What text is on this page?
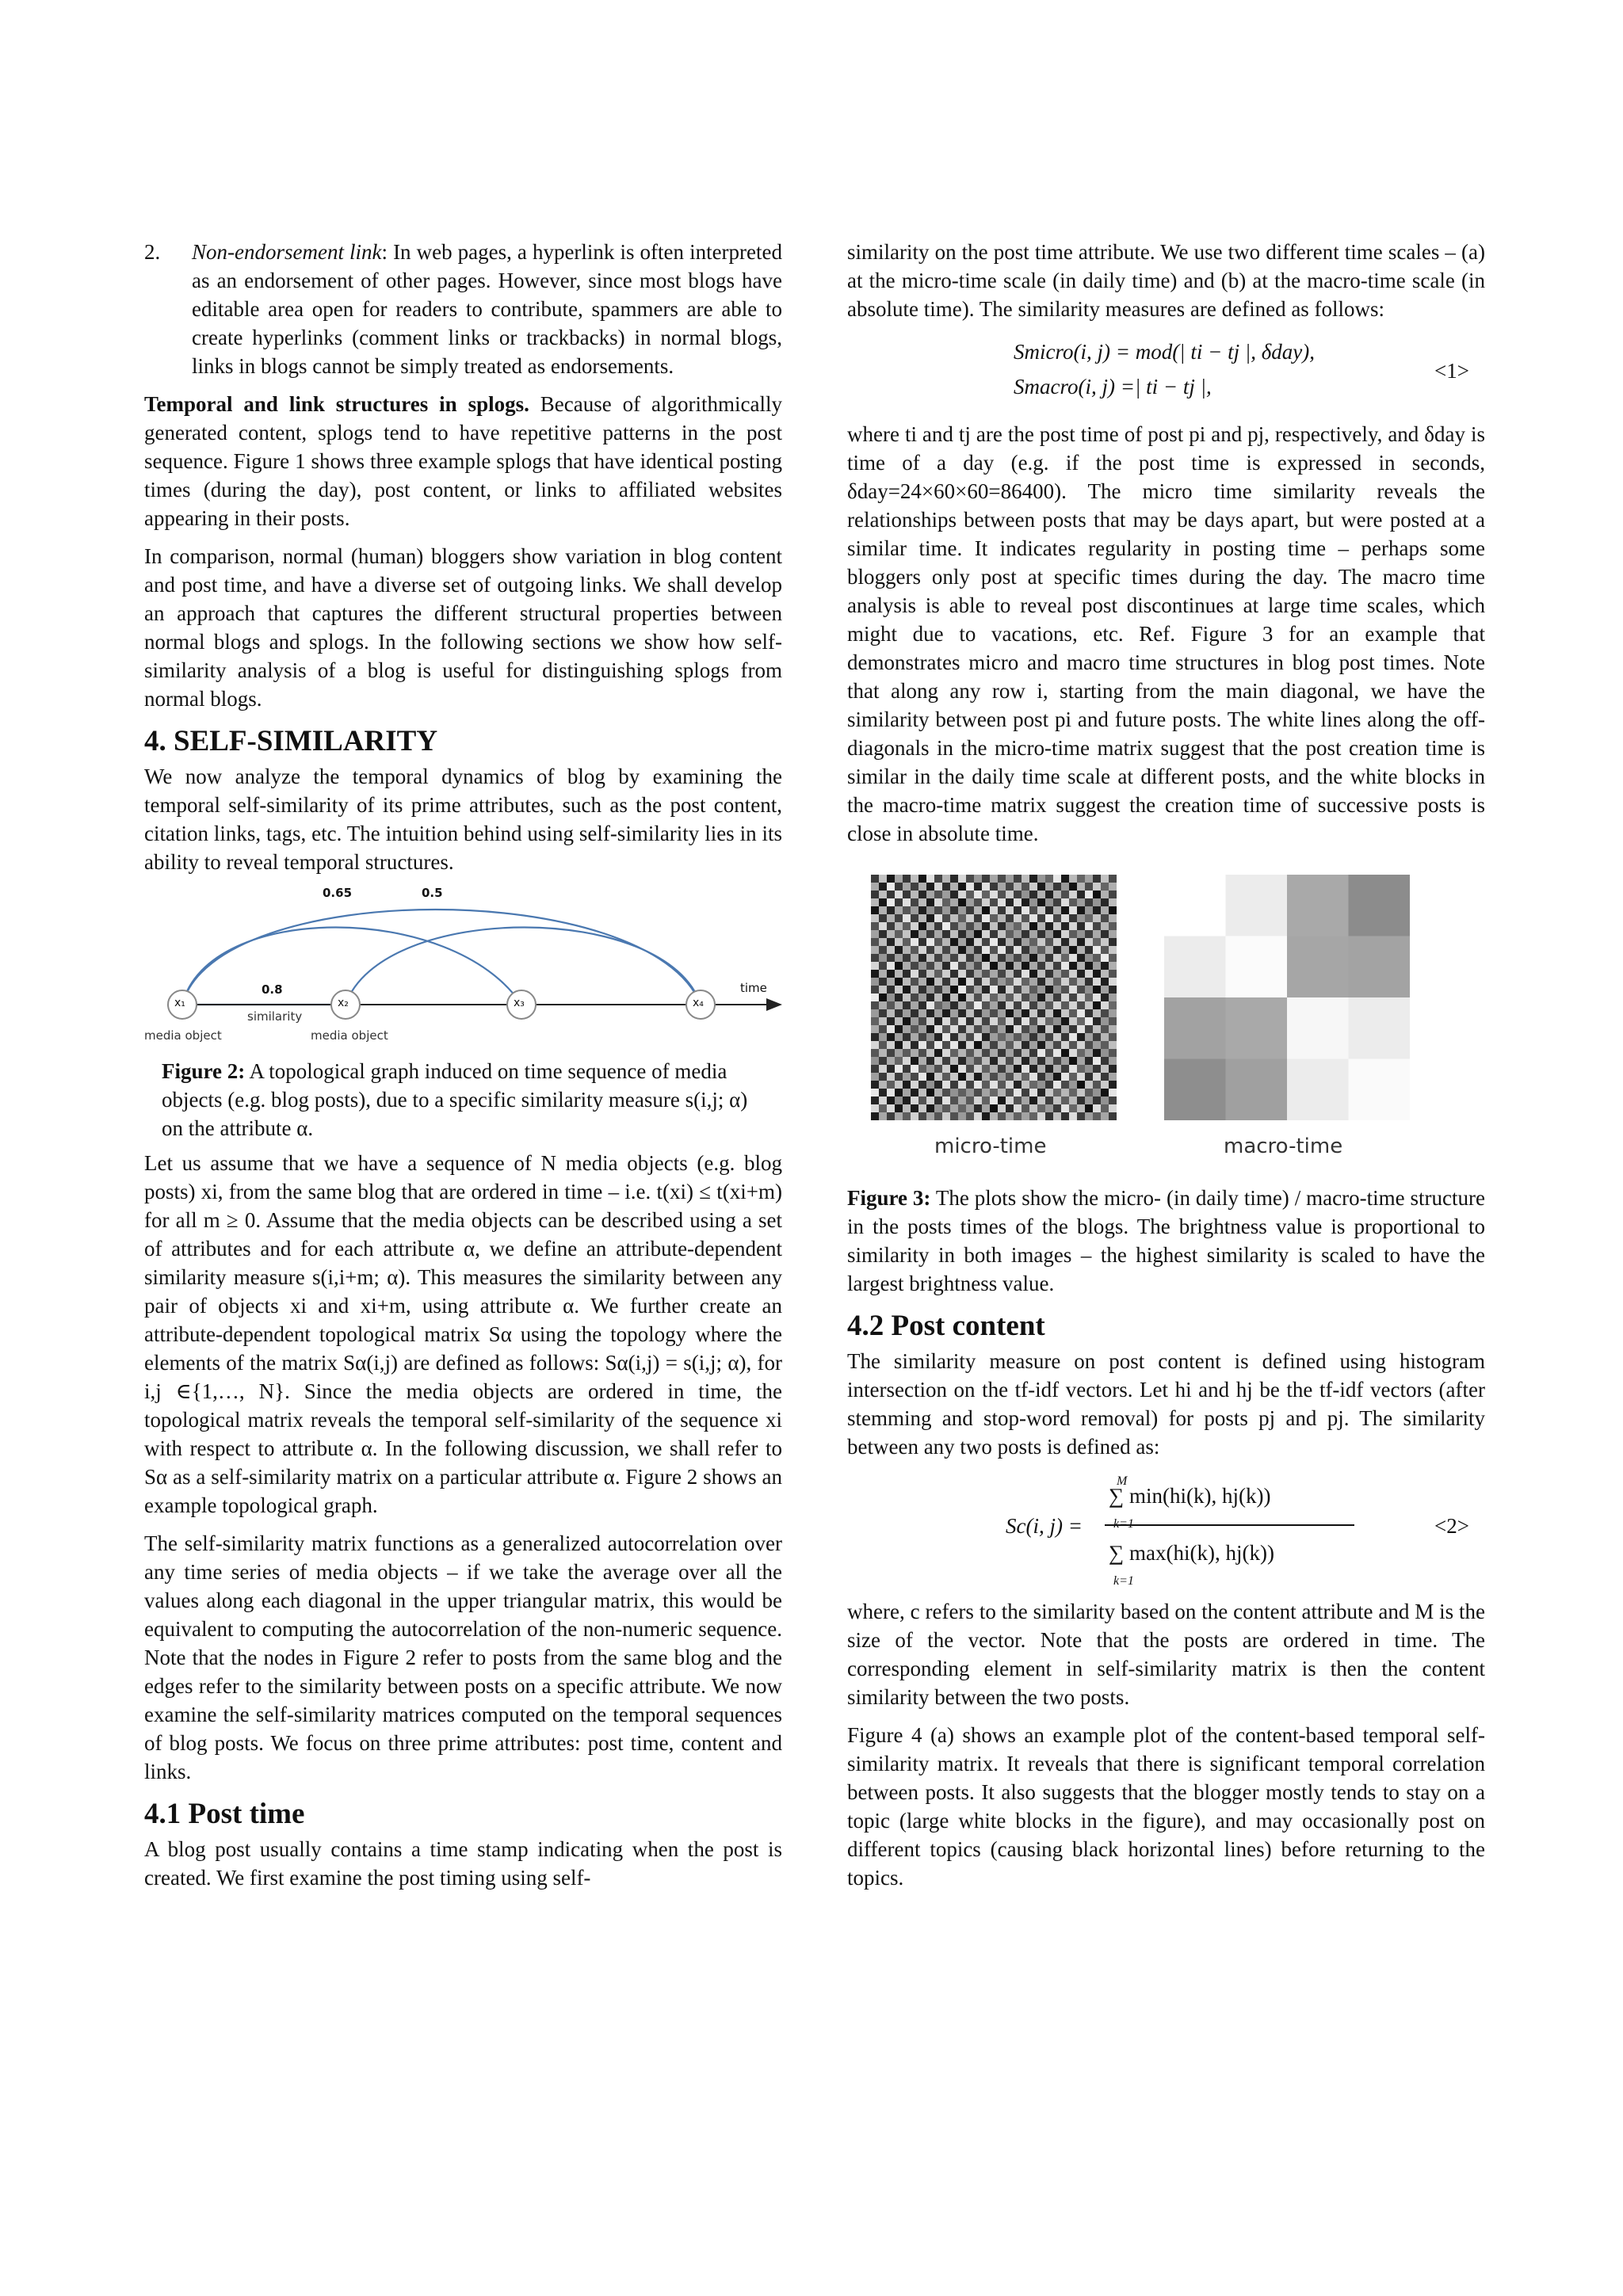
2.	Non-endorsement link: In web pages, a hyperlink is often interpreted as an endorsement of other pages. However, since most blogs have editable area open for readers to contribute, spammers are able to create hyperlinks (comment links or trackbacks) in normal blogs, links in blogs cannot be simply treated as endorsements.

Temporal and link structures in splogs. Because of algorithmically generated content, splogs tend to have repetitive patterns in the post sequence. Figure 1 shows three example splogs that have identical posting times (during the day), post content, or links to affiliated websites appearing in their posts.

In comparison, normal (human) bloggers show variation in blog content and post time, and have a diverse set of outgoing links. We shall develop an approach that captures the different structural properties between normal blogs and splogs. In the following sections we show how self-similarity analysis of a blog is useful for distinguishing splogs from normal blogs.

4. SELF-SIMILARITY

We now analyze the temporal dynamics of blog by examining the temporal self-similarity of its prime attributes, such as the post content, citation links, tags, etc. The intuition behind using self-similarity lies in its ability to reveal temporal structures.

0.65	0.5
0.8
similarity
x₁	x₂	x₃	x₄
time
media object	media object

Figure 2: A topological graph induced on time sequence of media objects (e.g. blog posts), due to a specific similarity measure s(i,j; α) on the attribute α.

Let us assume that we have a sequence of N media objects (e.g. blog posts) xi, from the same blog that are ordered in time – i.e. t(xi) ≤ t(xi+m) for all m ≥ 0. Assume that the media objects can be described using a set of attributes and for each attribute α, we define an attribute-dependent similarity measure s(i,i+m; α). This measures the similarity between any pair of objects xi and xi+m, using attribute α. We further create an attribute-dependent topological matrix Sα using the topology where the elements of the matrix Sα(i,j) are defined as follows: Sα(i,j) = s(i,j; α), for i,j ∈{1,…, N}. Since the media objects are ordered in time, the topological matrix reveals the temporal self-similarity of the sequence xi with respect to attribute α. In the following discussion, we shall refer to Sα as a self-similarity matrix on a particular attribute α. Figure 2 shows an example topological graph.

The self-similarity matrix functions as a generalized autocorrelation over any time series of media objects – if we take the average over all the values along each diagonal in the upper triangular matrix, this would be equivalent to computing the autocorrelation of the non-numeric sequence. Note that the nodes in Figure 2 refer to posts from the same blog and the edges refer to the similarity between posts on a specific attribute. We now examine the self-similarity matrices computed on the temporal sequences of blog posts. We focus on three prime attributes: post time, content and links.

4.1 Post time

A blog post usually contains a time stamp indicating when the post is created. We first examine the post timing using self-

similarity on the post time attribute. We use two different time scales – (a) at the micro-time scale (in daily time) and (b) at the macro-time scale (in absolute time). The similarity measures are defined as follows:

Smicro(i, j) = mod(| ti − tj |, δday),
Smacro(i, j) =| ti − tj |,
<1>

where ti and tj are the post time of post pi and pj, respectively, and δday is time of a day (e.g. if the post time is expressed in seconds, δday=24×60×60=86400). The micro time similarity reveals the relationships between posts that may be days apart, but were posted at a similar time. It indicates regularity in posting time – perhaps some bloggers only post at specific times during the day. The macro time analysis is able to reveal post discontinues at large time scales, which might due to vacations, etc. Ref. Figure 3 for an example that demonstrates micro and macro time structures in blog post times. Note that along any row i, starting from the main diagonal, we have the similarity between post pi and future posts. The white lines along the off-diagonals in the micro-time matrix suggest that the post creation time is similar in the daily time scale at different posts, and the white blocks in the macro-time matrix suggest the creation time of successive posts is close in absolute time.

micro-time	macro-time

Figure 3: The plots show the micro- (in daily time) / macro-time structure in the posts times of the blogs. The brightness value is proportional to similarity in both images – the highest similarity is scaled to have the largest brightness value.

4.2 Post content

The similarity measure on post content is defined using histogram intersection on the tf-idf vectors. Let hi and hj be the tf-idf vectors (after stemming and stop-word removal) for posts pj and pj. The similarity between any two posts is defined as:

Sc(i, j) =
M
∑ min(hi(k), hj(k))
k=1
∑ max(hi(k), hj(k))
k=1
<2>

where, c refers to the similarity based on the content attribute and M is the size of the vector. Note that the posts are ordered in time. The corresponding element in self-similarity matrix is then the content similarity between the two posts.

Figure 4 (a) shows an example plot of the content-based temporal self-similarity matrix. It reveals that there is significant temporal correlation between posts. It also suggests that the blogger mostly tends to stay on a topic (large white blocks in the figure), and may occasionally post on different topics (causing black horizontal lines) before returning to the topics.
